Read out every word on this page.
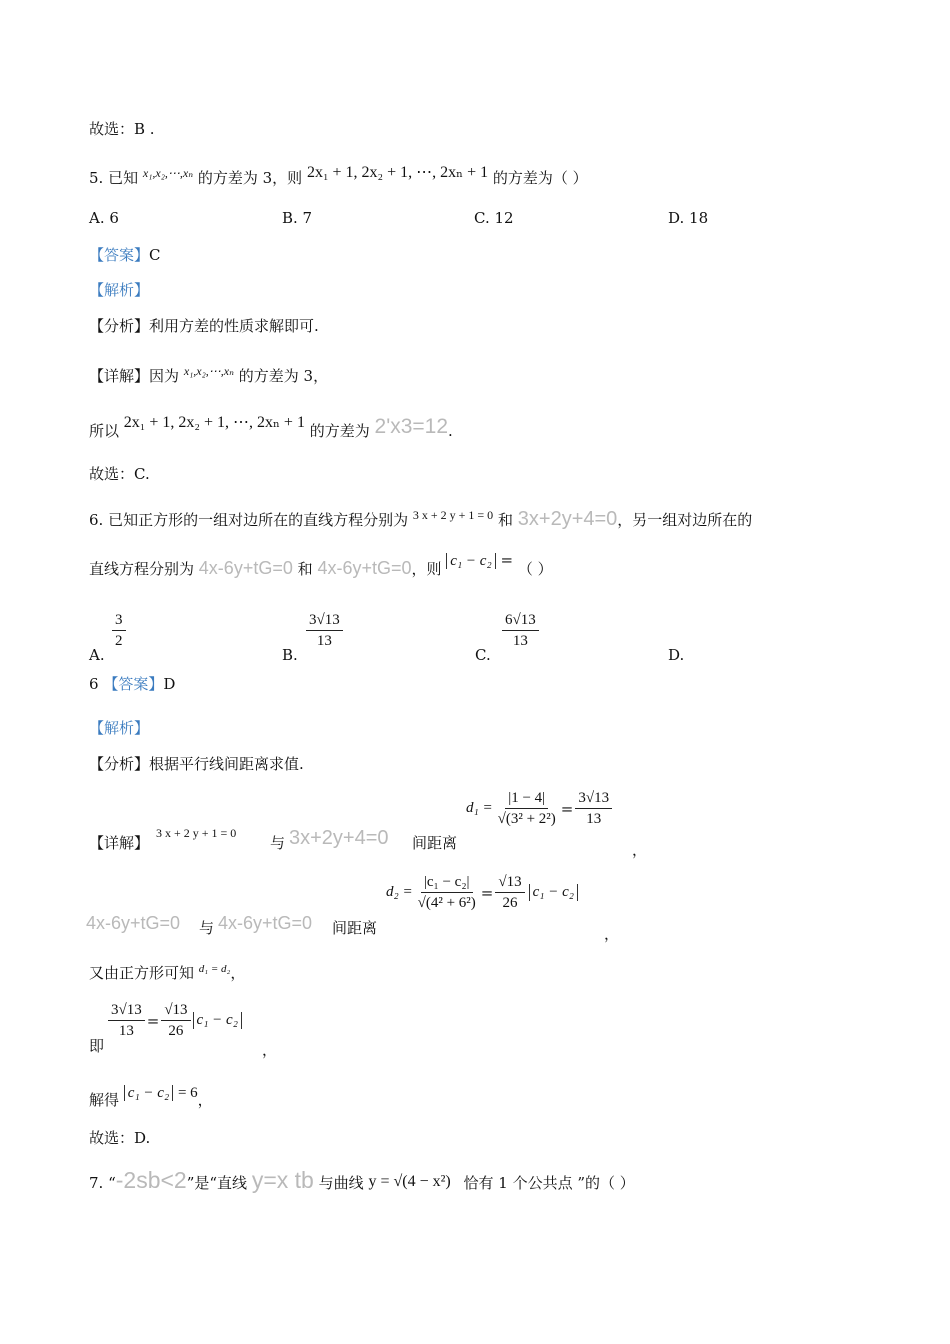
故选：B .
5. 已知 $^{x_1,x_2,\cdots,x_n}$ 的方差为 3，则 2x₁ + 1, 2x₂ + 1, ⋯, 2xₙ + 1 的方差为（ ）
A. 6	B. 7	C. 12	D. 18
【答案】C
【解析】
【分析】利用方差的性质求解即可.
【详解】因为 $^{x_1,x_2,\cdots,x_n}$ 的方差为 3，
所以 2x₁ + 1, 2x₂ + 1, ⋯, 2xₙ + 1 的方差为 2'x3=12.
故选：C.
6. 已知正方形的一组对边所在的直线方程分别为 $^{3 x + 2 y + 1 = 0}$ 和 3x+2y+4=0，另一组对边所在的
直线方程分别为 4x-6y+tG=0 和 4x-6y+tG=0，则 c₁ − c₂ = （ ）
A.
$\frac{3}{2}$
B.
$\frac{3√13}{13}$
C.
$\frac{6√13}{13}$
D.
6 【答案】D
【解析】
【分析】根据平行线间距离求值.
【详解】
3 x + 2 y + 1 = 0
与 3x+2y+4=0 间距离
$d_1 = \frac{|1 - 4|}{\text{√(3² + 2²)}} = \frac{3√13}{13}$
，
4x-6y+tG=0 与 4x-6y+tG=0 间距离
$d_2 = \frac{\text{|c₁ − c₂|}}{\text{√(4² + 6²)}} = \frac{√13}{26} c_1 - c_2$
，
又由正方形可知 $^{d_1 = d_2}$，
即
$\frac{3√13}{13} = \frac{√13}{26} c_1 - c_2$
，
解得 c₁ − c₂ = 6，
故选：D.
7. “-2sb<2”是“直线 y=x tb 与曲线 y = √(4 − x²) 恰有 1 个公共点 ”的（ ）
